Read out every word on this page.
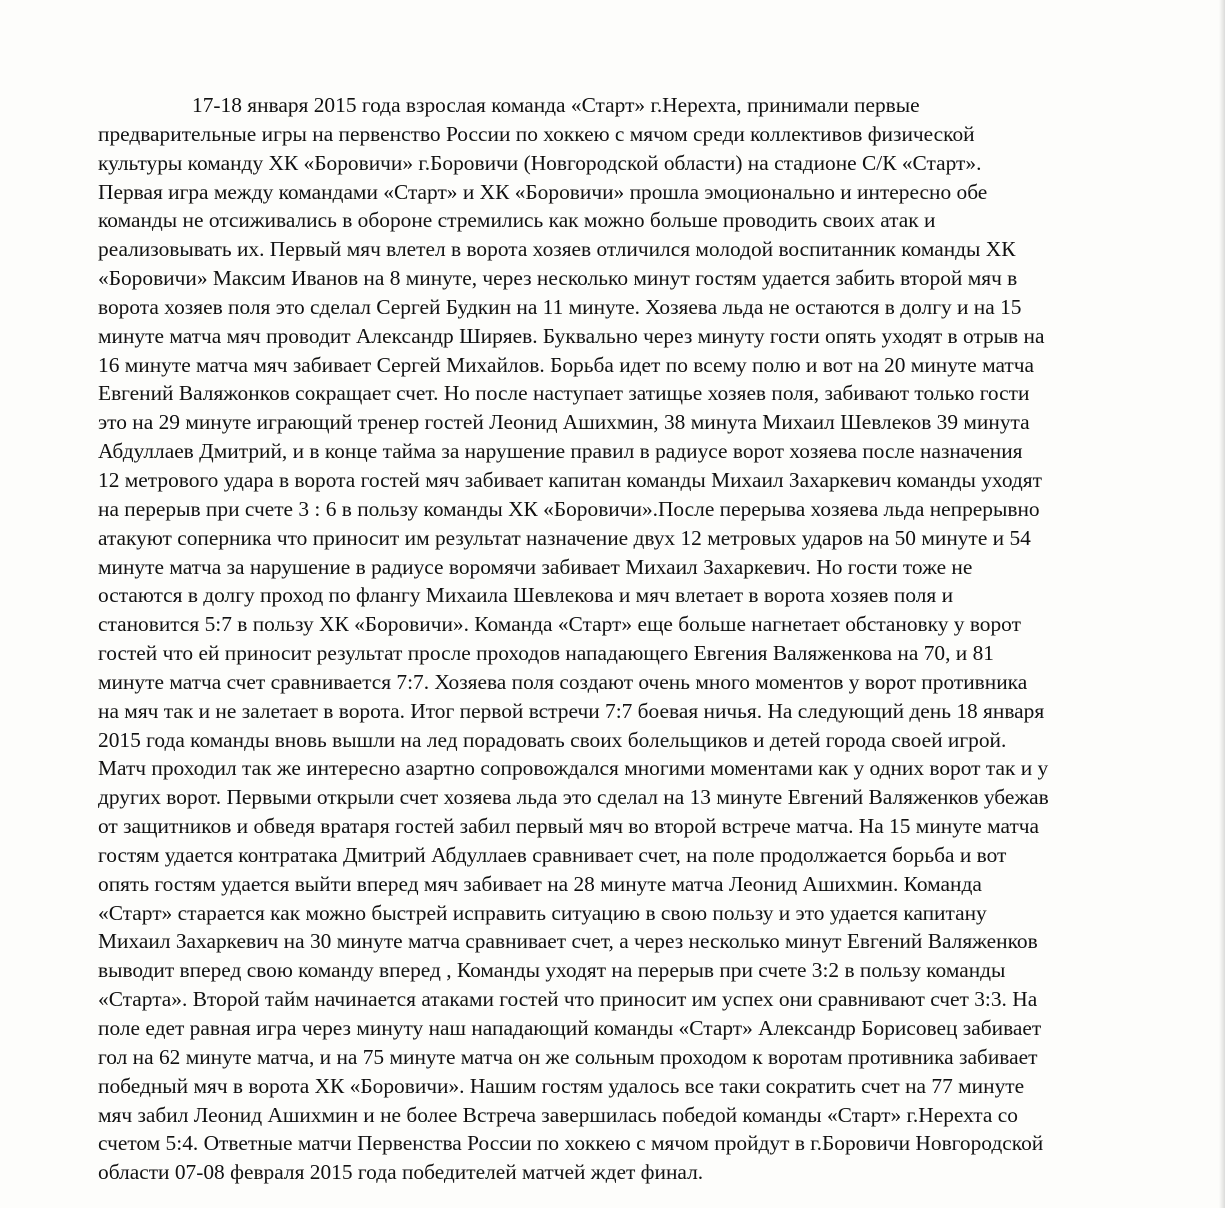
17-18 января 2015 года взрослая команда «Старт» г.Нерехта, принимали первые
предварительные игры на первенство России по хоккею с мячом среди коллективов физической
культуры команду ХК «Боровичи» г.Боровичи (Новгородской области) на стадионе С/К «Старт».
Первая игра между командами «Старт» и ХК «Боровичи» прошла эмоционально и интересно обе
команды не отсиживались в обороне стремились как можно больше проводить своих атак и
реализовывать их. Первый мяч влетел в ворота хозяев отличился молодой воспитанник команды ХК
«Боровичи» Максим Иванов на 8 минуте, через несколько минут гостям удается забить второй мяч в
ворота хозяев поля это сделал Сергей Будкин на 11 минуте. Хозяева льда не остаются в долгу и на 15
минуте матча мяч проводит Александр Ширяев. Буквально через минуту гости опять уходят в отрыв на
16 минуте матча мяч забивает Сергей Михайлов. Борьба идет по всему полю и вот на 20 минуте матча
Евгений Валяжонков сокращает счет. Но после наступает затищье хозяев поля, забивают только гости
это на 29 минуте играющий тренер гостей Леонид Ашихмин, 38 минута Михаил Шевлеков 39 минута
Абдуллаев Дмитрий, и в конце тайма за нарушение правил в радиусе ворот хозяева после назначения
12 метрового удара в ворота гостей мяч забивает капитан команды Михаил Захаркевич команды уходят
на перерыв при счете 3 : 6 в пользу команды ХК «Боровичи».После перерыва хозяева льда непрерывно
атакуют соперника что приносит им результат назначение двух 12 метровых ударов на 50 минуте и 54
минуте матча за нарушение в радиусе воромячи забивает Михаил Захаркевич. Но гости тоже не
остаются в долгу проход по флангу Михаила Шевлекова и мяч влетает в ворота хозяев поля и
становится 5:7 в пользу ХК «Боровичи». Команда «Старт» еще больше нагнетает обстановку у ворот
гостей что ей приносит результат просле проходов нападающего Евгения Валяженкова на 70, и 81
минуте матча счет сравнивается 7:7. Хозяева поля создают очень много моментов у ворот противника
на мяч так и не залетает в ворота. Итог первой встречи 7:7 боевая ничья. На следующий день 18 января
2015 года команды вновь вышли на лед порадовать своих болельщиков и детей города своей игрой.
Матч проходил так же интересно азартно сопровождался многими моментами как у одних ворот так и у
других ворот. Первыми открыли счет хозяева льда это сделал на 13 минуте Евгений Валяженков убежав
от защитников и обведя вратаря гостей забил первый мяч во второй встрече матча. На 15 минуте матча
гостям удается контратака Дмитрий Абдуллаев сравнивает счет, на поле продолжается борьба и вот
опять гостям удается выйти вперед мяч забивает на 28 минуте матча Леонид Ашихмин. Команда
«Старт» старается как можно быстрей исправить ситуацию в свою пользу и это удается капитану
Михаил Захаркевич на 30 минуте матча сравнивает счет, а через несколько минут Евгений Валяженков
выводит вперед свою команду вперед , Команды уходят на перерыв при счете 3:2 в пользу команды
«Старта». Второй тайм начинается атаками гостей что приносит им успех они сравнивают счет 3:3. На
поле едет равная игра через минуту наш нападающий команды «Старт» Александр Борисовец забивает
гол на 62 минуте матча, и на 75 минуте матча он же сольным проходом к воротам противника забивает
победный мяч в ворота ХК «Боровичи». Нашим гостям удалось все таки сократить счет на 77 минуте
мяч забил Леонид Ашихмин и не более Встреча завершилась победой команды «Старт» г.Нерехта со
счетом 5:4. Ответные матчи Первенства России по хоккею с мячом пройдут в г.Боровичи Новгородской
области 07-08 февраля 2015 года победителей матчей ждет финал.
